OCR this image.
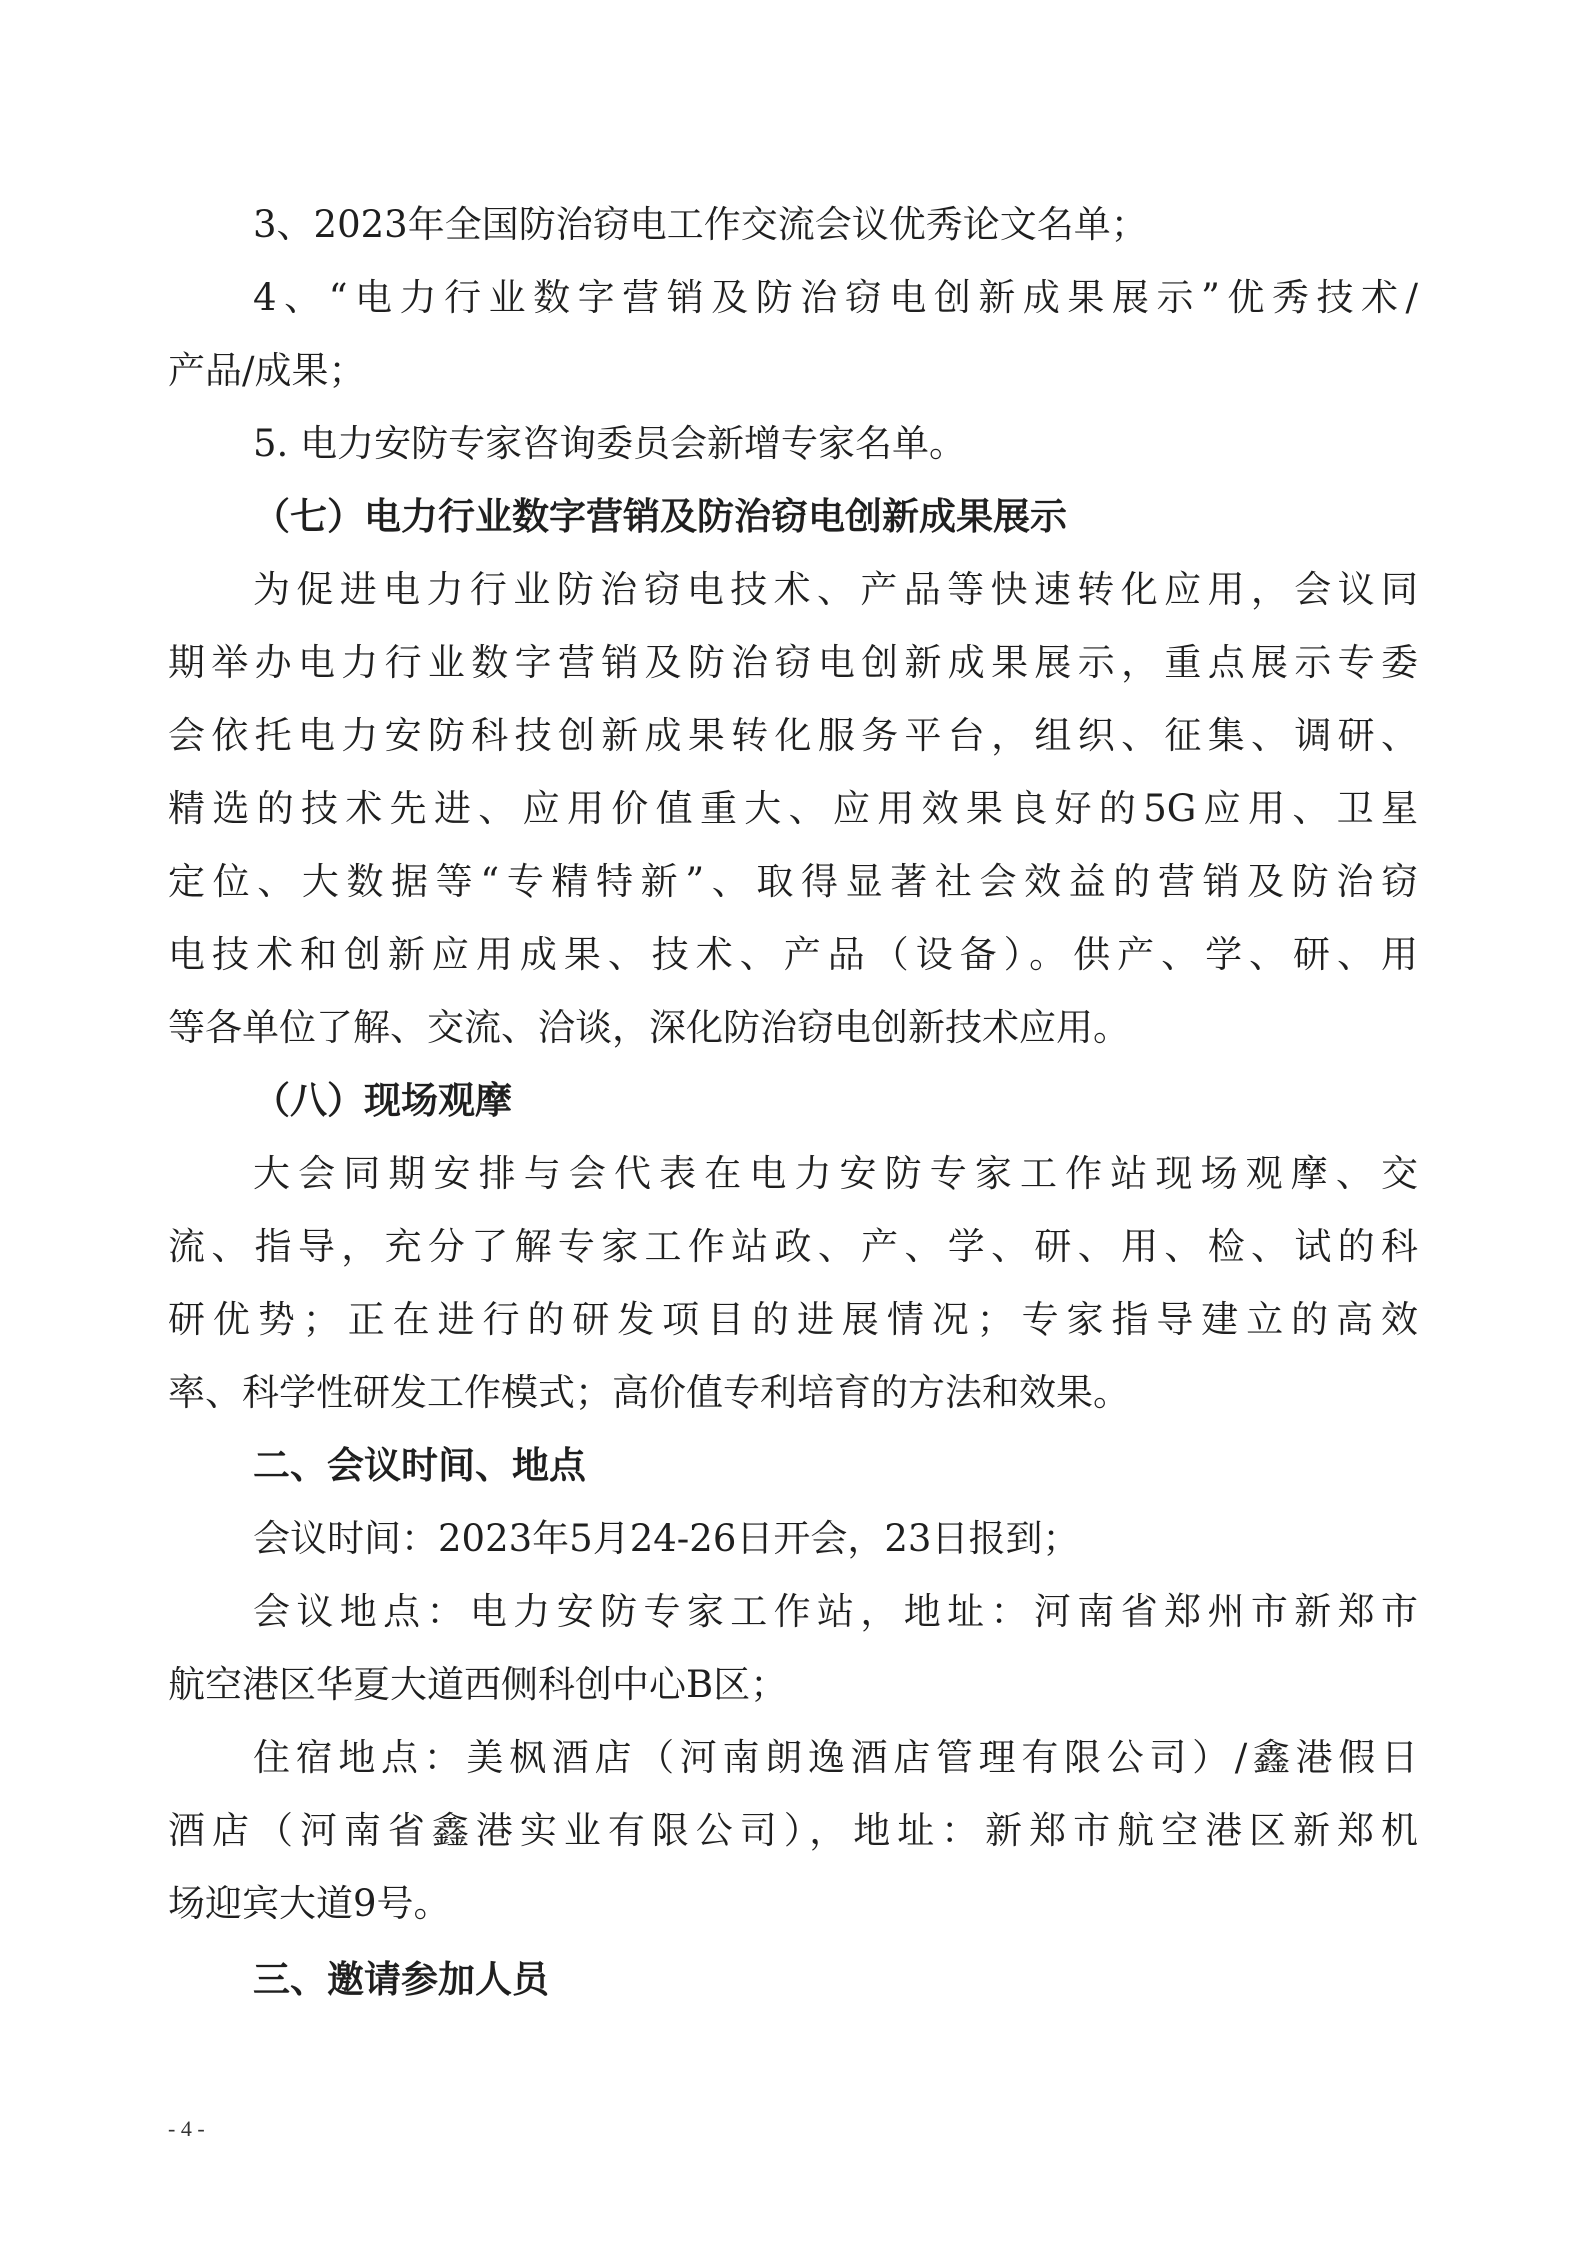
3、2023年全国防治窃电工作交流会议优秀论文名单；
4、“电力行业数字营销及防治窃电创新成果展示”优秀技术/
产品/成果；
5. 电力安防专家咨询委员会新增专家名单。
（七）电力行业数字营销及防治窃电创新成果展示
为促进电力行业防治窃电技术、产品等快速转化应用，会议同
期举办电力行业数字营销及防治窃电创新成果展示，重点展示专委
会依托电力安防科技创新成果转化服务平台，组织、征集、调研、
精选的技术先进、应用价值重大、应用效果良好的5G应用、卫星
定位、大数据等“专精特新”、取得显著社会效益的营销及防治窃
电技术和创新应用成果、技术、产品（设备）。供产、学、研、用
等各单位了解、交流、洽谈，深化防治窃电创新技术应用。
（八）现场观摩
大会同期安排与会代表在电力安防专家工作站现场观摩、交
流、指导，充分了解专家工作站政、产、学、研、用、检、试的科
研优势；正在进行的研发项目的进展情况；专家指导建立的高效
率、科学性研发工作模式；高价值专利培育的方法和效果。
二、会议时间、地点
会议时间：2023年5月24-26日开会，23日报到；
会议地点：电力安防专家工作站，地址：河南省郑州市新郑市
航空港区华夏大道西侧科创中心B区；
住宿地点：美枫酒店（河南朗逸酒店管理有限公司）/鑫港假日
酒店（河南省鑫港实业有限公司），地址：新郑市航空港区新郑机
场迎宾大道9号。
三、邀请参加人员
- 4 -
